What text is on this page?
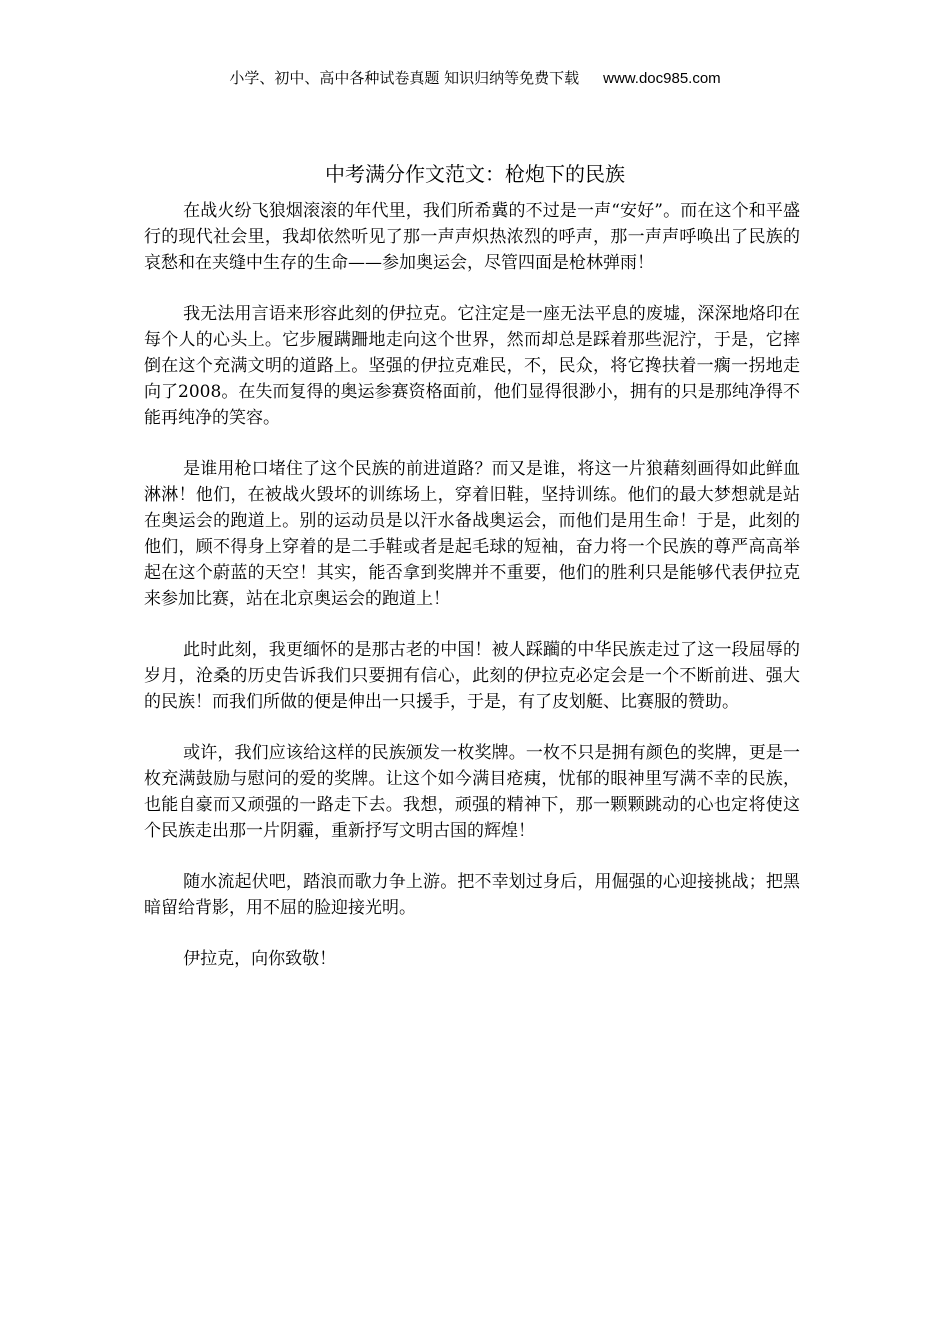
小学、初中、高中各种试卷真题 知识归纳等免费下载 www.doc985.com
中考满分作文范文：枪炮下的民族

在战火纷飞狼烟滚滚的年代里，我们所希冀的不过是一声“安好”。而在这个和平盛行的现代社会里，我却依然听见了那一声声炽热浓烈的呼声，那一声声呼唤出了民族的哀愁和在夹缝中生存的生命——参加奥运会，尽管四面是枪林弹雨！

我无法用言语来形容此刻的伊拉克。它注定是一座无法平息的废墟，深深地烙印在每个人的心头上。它步履蹒跚地走向这个世界，然而却总是踩着那些泥泞，于是，它摔倒在这个充满文明的道路上。坚强的伊拉克难民，不，民众，将它搀扶着一瘸一拐地走向了2008。在失而复得的奥运参赛资格面前，他们显得很渺小，拥有的只是那纯净得不能再纯净的笑容。

是谁用枪口堵住了这个民族的前进道路？而又是谁，将这一片狼藉刻画得如此鲜血淋淋！他们，在被战火毁坏的训练场上，穿着旧鞋，坚持训练。他们的最大梦想就是站在奥运会的跑道上。别的运动员是以汗水备战奥运会，而他们是用生命！于是，此刻的他们，顾不得身上穿着的是二手鞋或者是起毛球的短袖，奋力将一个民族的尊严高高举起在这个蔚蓝的天空！其实，能否拿到奖牌并不重要，他们的胜利只是能够代表伊拉克来参加比赛，站在北京奥运会的跑道上！

此时此刻，我更缅怀的是那古老的中国！被人踩躏的中华民族走过了这一段屈辱的岁月，沧桑的历史告诉我们只要拥有信心，此刻的伊拉克必定会是一个不断前进、强大的民族！而我们所做的便是伸出一只援手，于是，有了皮划艇、比赛服的赞助。

或许，我们应该给这样的民族颁发一枚奖牌。一枚不只是拥有颜色的奖牌，更是一枚充满鼓励与慰问的爱的奖牌。让这个如今满目疮痍，忧郁的眼神里写满不幸的民族，也能自豪而又顽强的一路走下去。我想，顽强的精神下，那一颗颗跳动的心也定将使这个民族走出那一片阴霾，重新抒写文明古国的辉煌！

随水流起伏吧，踏浪而歌力争上游。把不幸划过身后，用倔强的心迎接挑战；把黑暗留给背影，用不屈的脸迎接光明。

伊拉克，向你致敬！
